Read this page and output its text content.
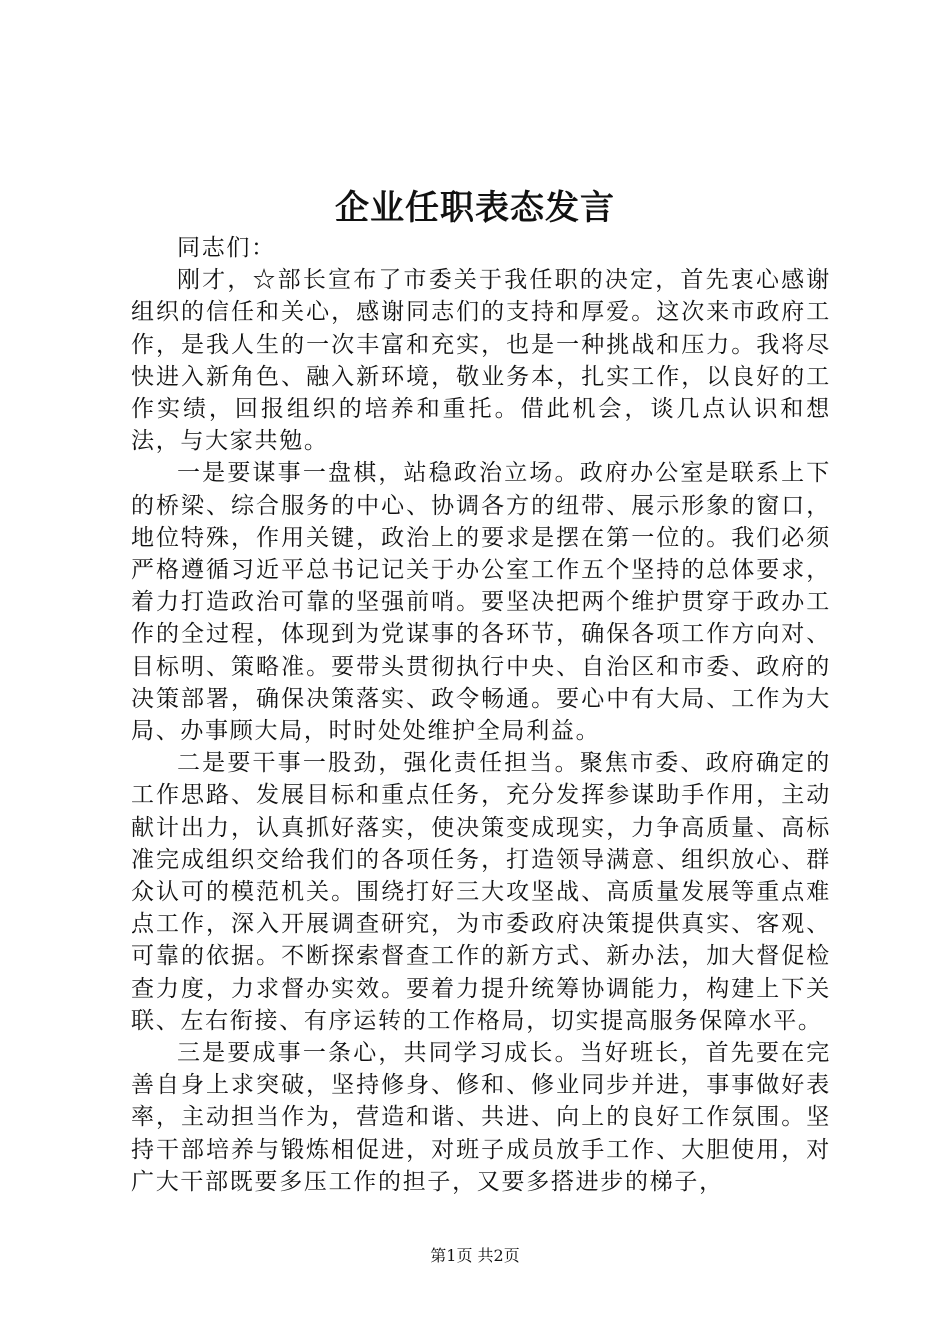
企业任职表态发言

同志们：

刚才，☆部长宣布了市委关于我任职的决定，首先衷心感谢组织的信任和关心，感谢同志们的支持和厚爱。这次来市政府工作，是我人生的一次丰富和充实，也是一种挑战和压力。我将尽快进入新角色、融入新环境，敬业务本，扎实工作，以良好的工作实绩，回报组织的培养和重托。借此机会，谈几点认识和想法，与大家共勉。

一是要谋事一盘棋，站稳政治立场。政府办公室是联系上下的桥梁、综合服务的中心、协调各方的纽带、展示形象的窗口，地位特殊，作用关键，政治上的要求是摆在第一位的。我们必须严格遵循习近平总书记记关于办公室工作五个坚持的总体要求，着力打造政治可靠的坚强前哨。要坚决把两个维护贯穿于政办工作的全过程，体现到为党谋事的各环节，确保各项工作方向对、目标明、策略准。要带头贯彻执行中央、自治区和市委、政府的决策部署，确保决策落实、政令畅通。要心中有大局、工作为大局、办事顾大局，时时处处维护全局利益。

二是要干事一股劲，强化责任担当。聚焦市委、政府确定的工作思路、发展目标和重点任务，充分发挥参谋助手作用，主动献计出力，认真抓好落实，使决策变成现实，力争高质量、高标准完成组织交给我们的各项任务，打造领导满意、组织放心、群众认可的模范机关。围绕打好三大攻坚战、高质量发展等重点难点工作，深入开展调查研究，为市委政府决策提供真实、客观、可靠的依据。不断探索督查工作的新方式、新办法，加大督促检查力度，力求督办实效。要着力提升统筹协调能力，构建上下关联、左右衔接、有序运转的工作格局，切实提高服务保障水平。

三是要成事一条心，共同学习成长。当好班长，首先要在完善自身上求突破，坚持修身、修和、修业同步并进，事事做好表率，主动担当作为，营造和谐、共进、向上的良好工作氛围。坚持干部培养与锻炼相促进，对班子成员放手工作、大胆使用，对广大干部既要多压工作的担子，又要多搭进步的梯子，

第1页 共2页
